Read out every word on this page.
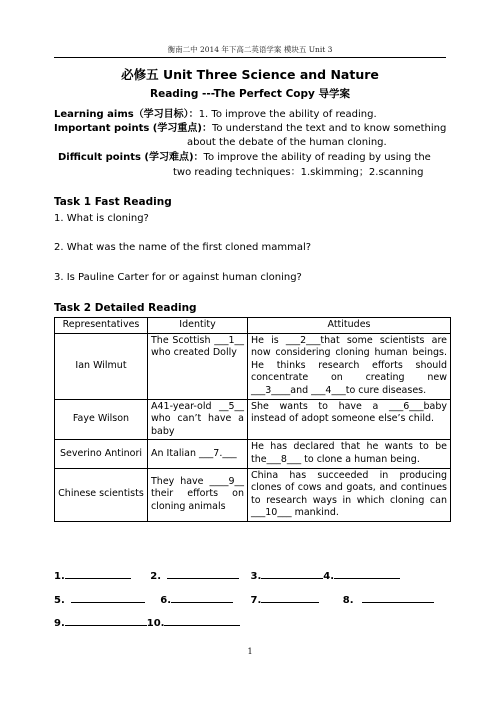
衡南二中 2014 年下高二英语学案 模块五 Unit 3
必修五 Unit Three Science and Nature
Reading ---The Perfect Copy 导学案
Learning aims（学习目标）：1. To improve the ability of reading.
Important points (学习重点)：To understand the text and to know something
about the debate of the human cloning.
Difficult points (学习难点)：To improve the ability of reading by using the
two reading techniques：1.skimming；2.scanning
Task 1 Fast Reading
1. What is cloning?
2. What was the name of the first cloned mammal?
3. Is Pauline Carter for or against human cloning?
Task 2 Detailed Reading
Representatives	Identity	Attitudes
Ian Wilmut	The Scottish ___1__ who created Dolly	He is ___2___that some scientists are now considering cloning human beings. He thinks research efforts should concentrate on creating new ___3____and ___4___to cure diseases.
Faye Wilson	A41-year-old __5__ who can’t have a baby	She wants to have a ___6___baby instead of adopt someone else’s child.
Severino Antinori	An Italian ___7.___	He has declared that he wants to be the___8___ to clone a human being.
Chinese scientists	They have ____9__ their efforts on cloning animals	China has succeeded in producing clones of cows and goats, and continues to research ways in which cloning can ___10___ mankind.
1.	2.	3.	4.
5.	6.	7.	8.
9.	10.
1
